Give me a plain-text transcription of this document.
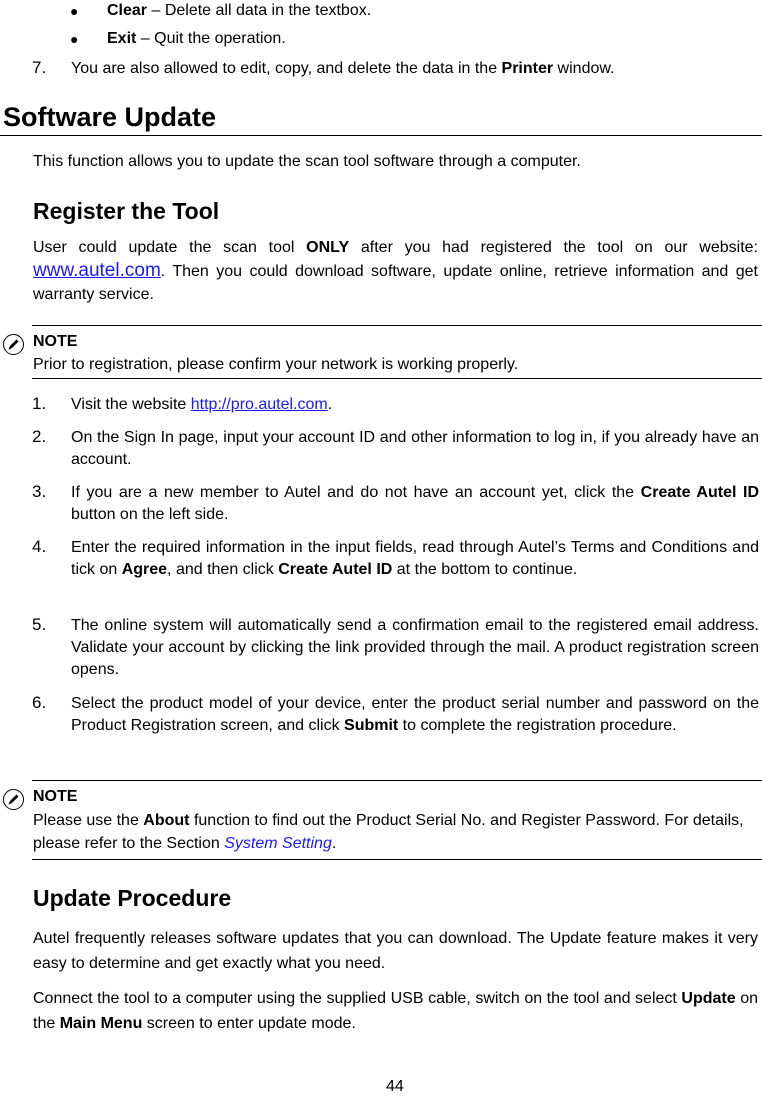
● Clear – Delete all data in the textbox.
● Exit – Quit the operation.
7. You are also allowed to edit, copy, and delete the data in the Printer window.
Software Update
This function allows you to update the scan tool software through a computer.
Register the Tool
User could update the scan tool ONLY after you had registered the tool on our website: www.autel.com. Then you could download software, update online, retrieve information and get warranty service.
NOTE
Prior to registration, please confirm your network is working properly.
1. Visit the website http://pro.autel.com.
2. On the Sign In page, input your account ID and other information to log in, if you already have an account.
3. If you are a new member to Autel and do not have an account yet, click the Create Autel ID button on the left side.
4. Enter the required information in the input fields, read through Autel’s Terms and Conditions and tick on Agree, and then click Create Autel ID at the bottom to continue.
5. The online system will automatically send a confirmation email to the registered email address. Validate your account by clicking the link provided through the mail. A product registration screen opens.
6. Select the product model of your device, enter the product serial number and password on the Product Registration screen, and click Submit to complete the registration procedure.
NOTE
Please use the About function to find out the Product Serial No. and Register Password. For details, please refer to the Section System Setting.
Update Procedure
Autel frequently releases software updates that you can download. The Update feature makes it very easy to determine and get exactly what you need.
Connect the tool to a computer using the supplied USB cable, switch on the tool and select Update on the Main Menu screen to enter update mode.
44
